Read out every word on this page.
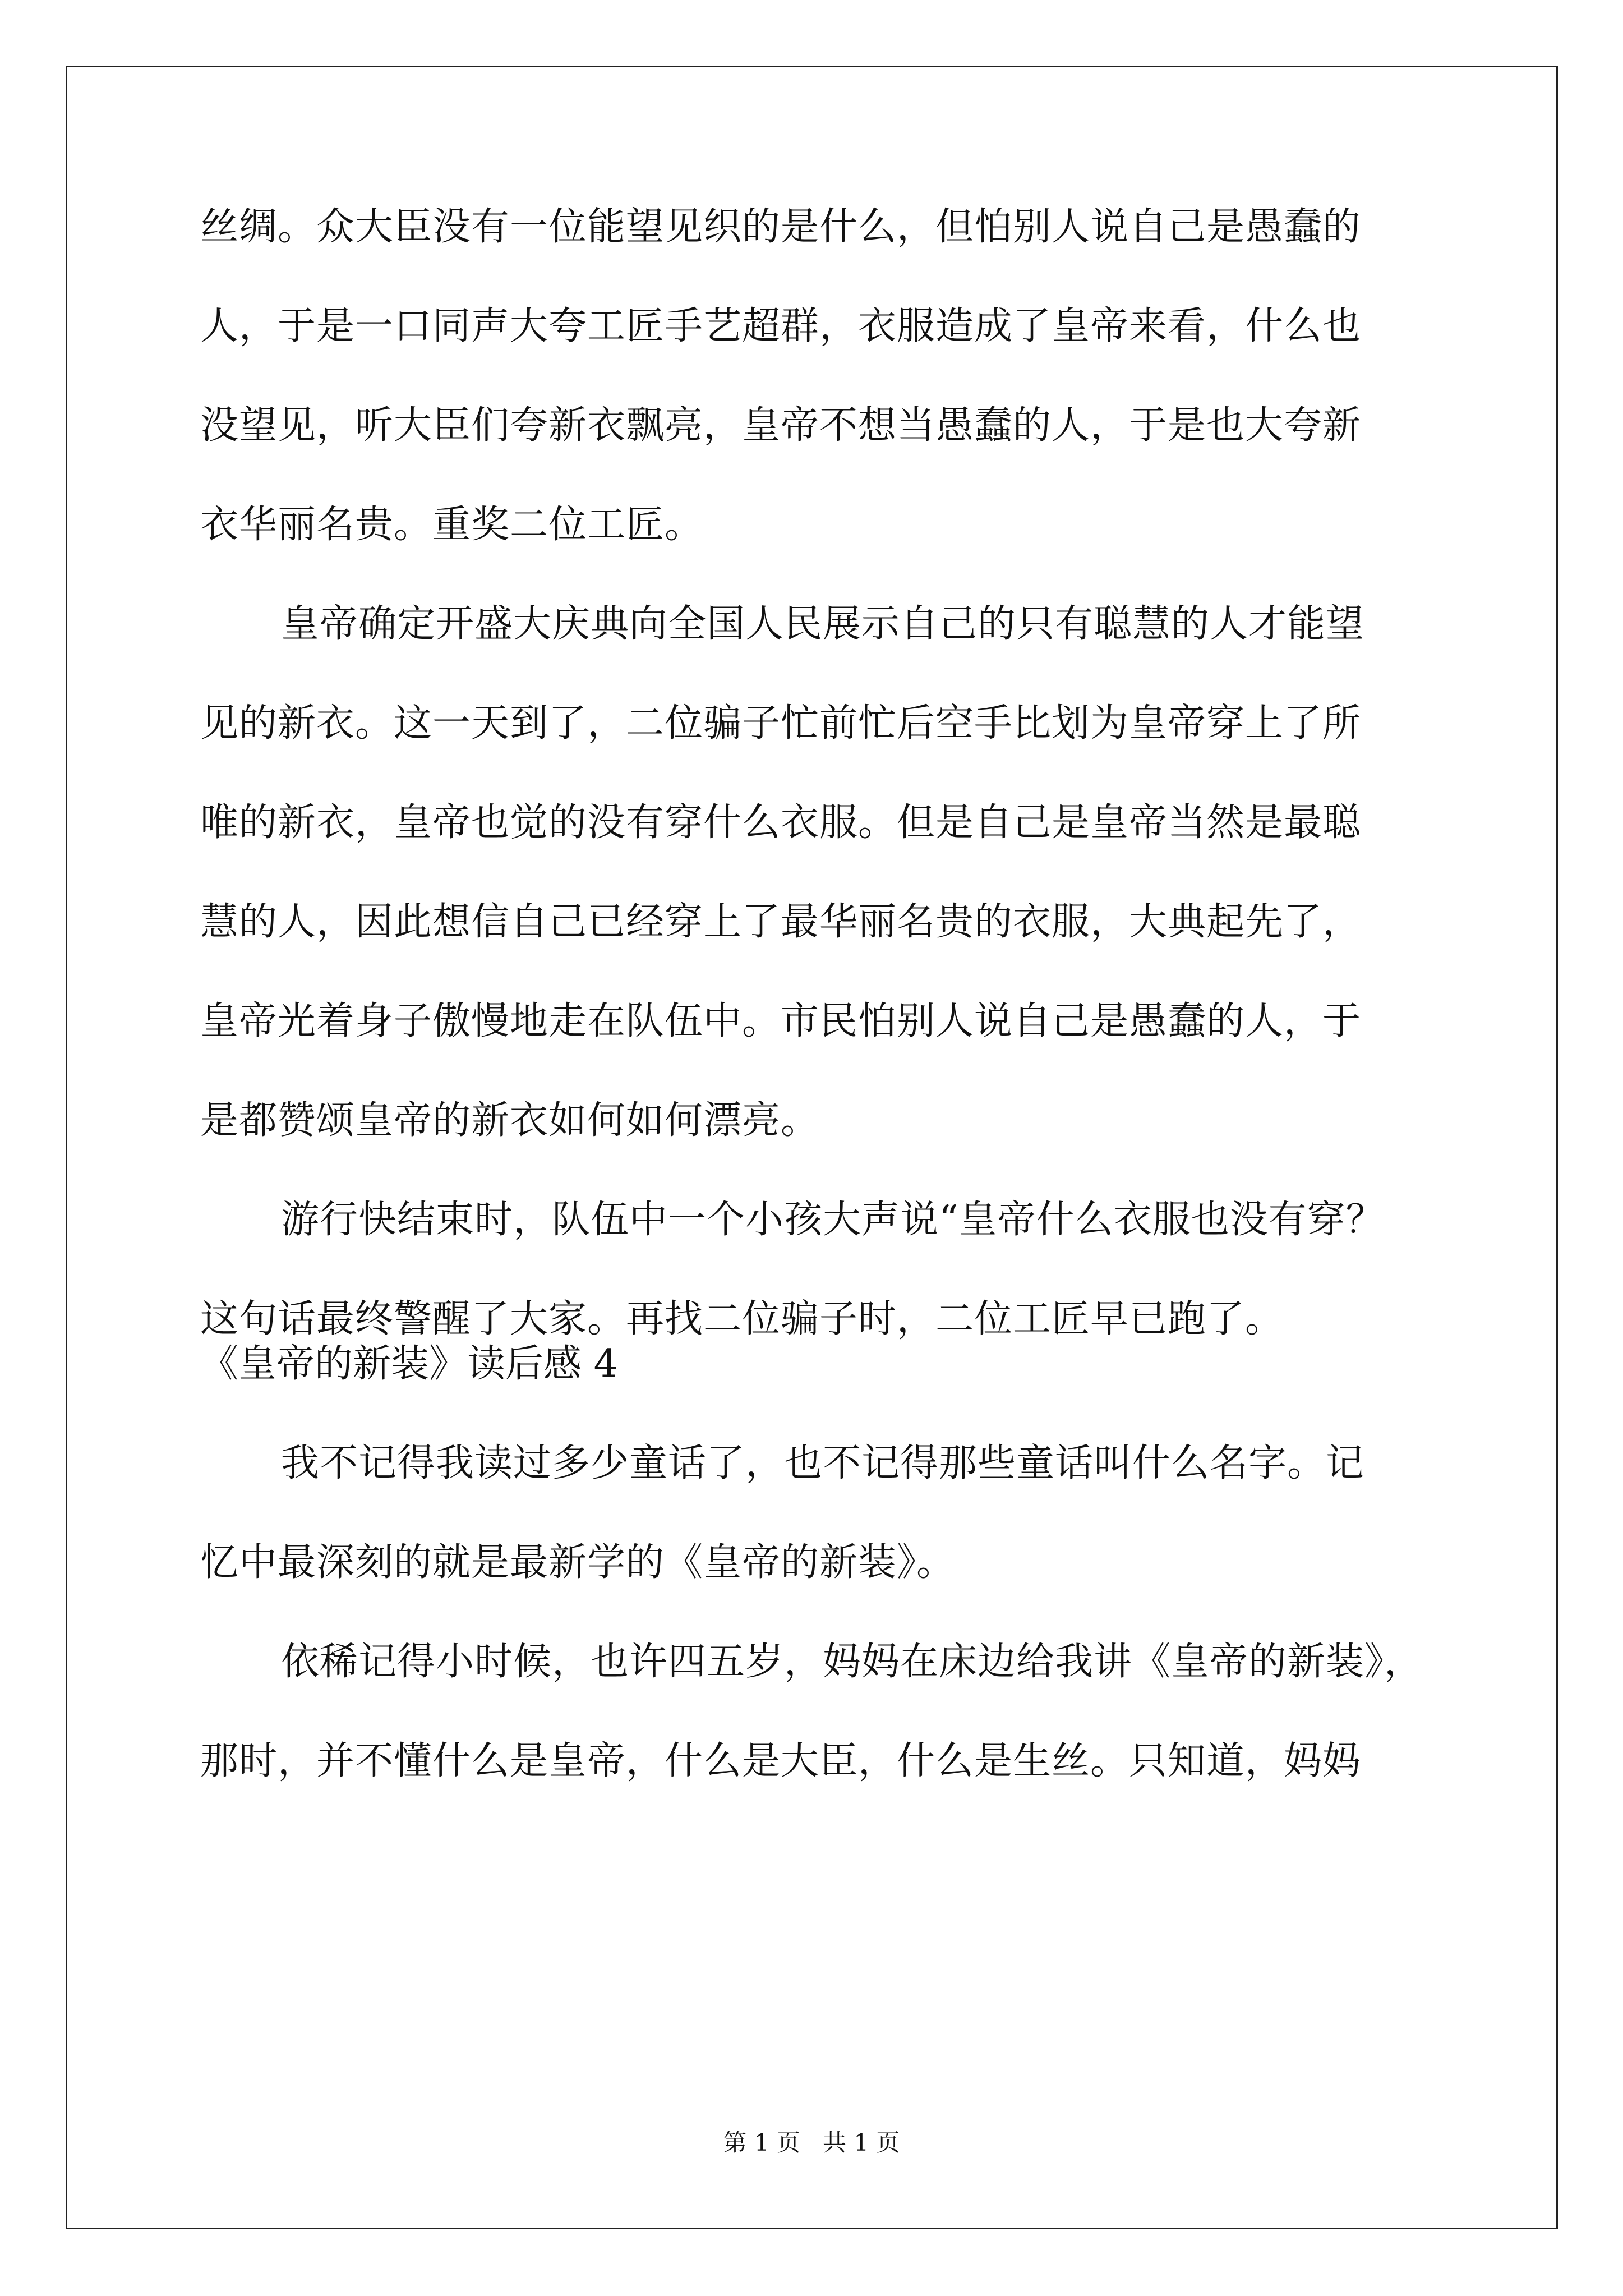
丝绸。众大臣没有一位能望见织的是什么，但怕别人说自己是愚蠢的

人，于是一口同声大夸工匠手艺超群，衣服造成了皇帝来看，什么也

没望见，听大臣们夸新衣飘亮，皇帝不想当愚蠢的人，于是也大夸新

衣华丽名贵。重奖二位工匠。

皇帝确定开盛大庆典向全国人民展示自己的只有聪慧的人才能望

见的新衣。这一天到了，二位骗子忙前忙后空手比划为皇帝穿上了所

唯的新衣，皇帝也觉的没有穿什么衣服。但是自己是皇帝当然是最聪

慧的人，因此想信自己已经穿上了最华丽名贵的衣服，大典起先了，

皇帝光着身子傲慢地走在队伍中。市民怕别人说自己是愚蠢的人，于

是都赞颂皇帝的新衣如何如何漂亮。

游行快结束时，队伍中一个小孩大声说“皇帝什么衣服也没有穿？

这句话最终警醒了大家。再找二位骗子时，二位工匠早已跑了。

《皇帝的新装》读后感 4

我不记得我读过多少童话了，也不记得那些童话叫什么名字。记

忆中最深刻的就是最新学的《皇帝的新装》。

依稀记得小时候，也许四五岁，妈妈在床边给我讲《皇帝的新装》，

那时，并不懂什么是皇帝，什么是大臣，什么是生丝。只知道，妈妈

第 1 页   共 1 页
